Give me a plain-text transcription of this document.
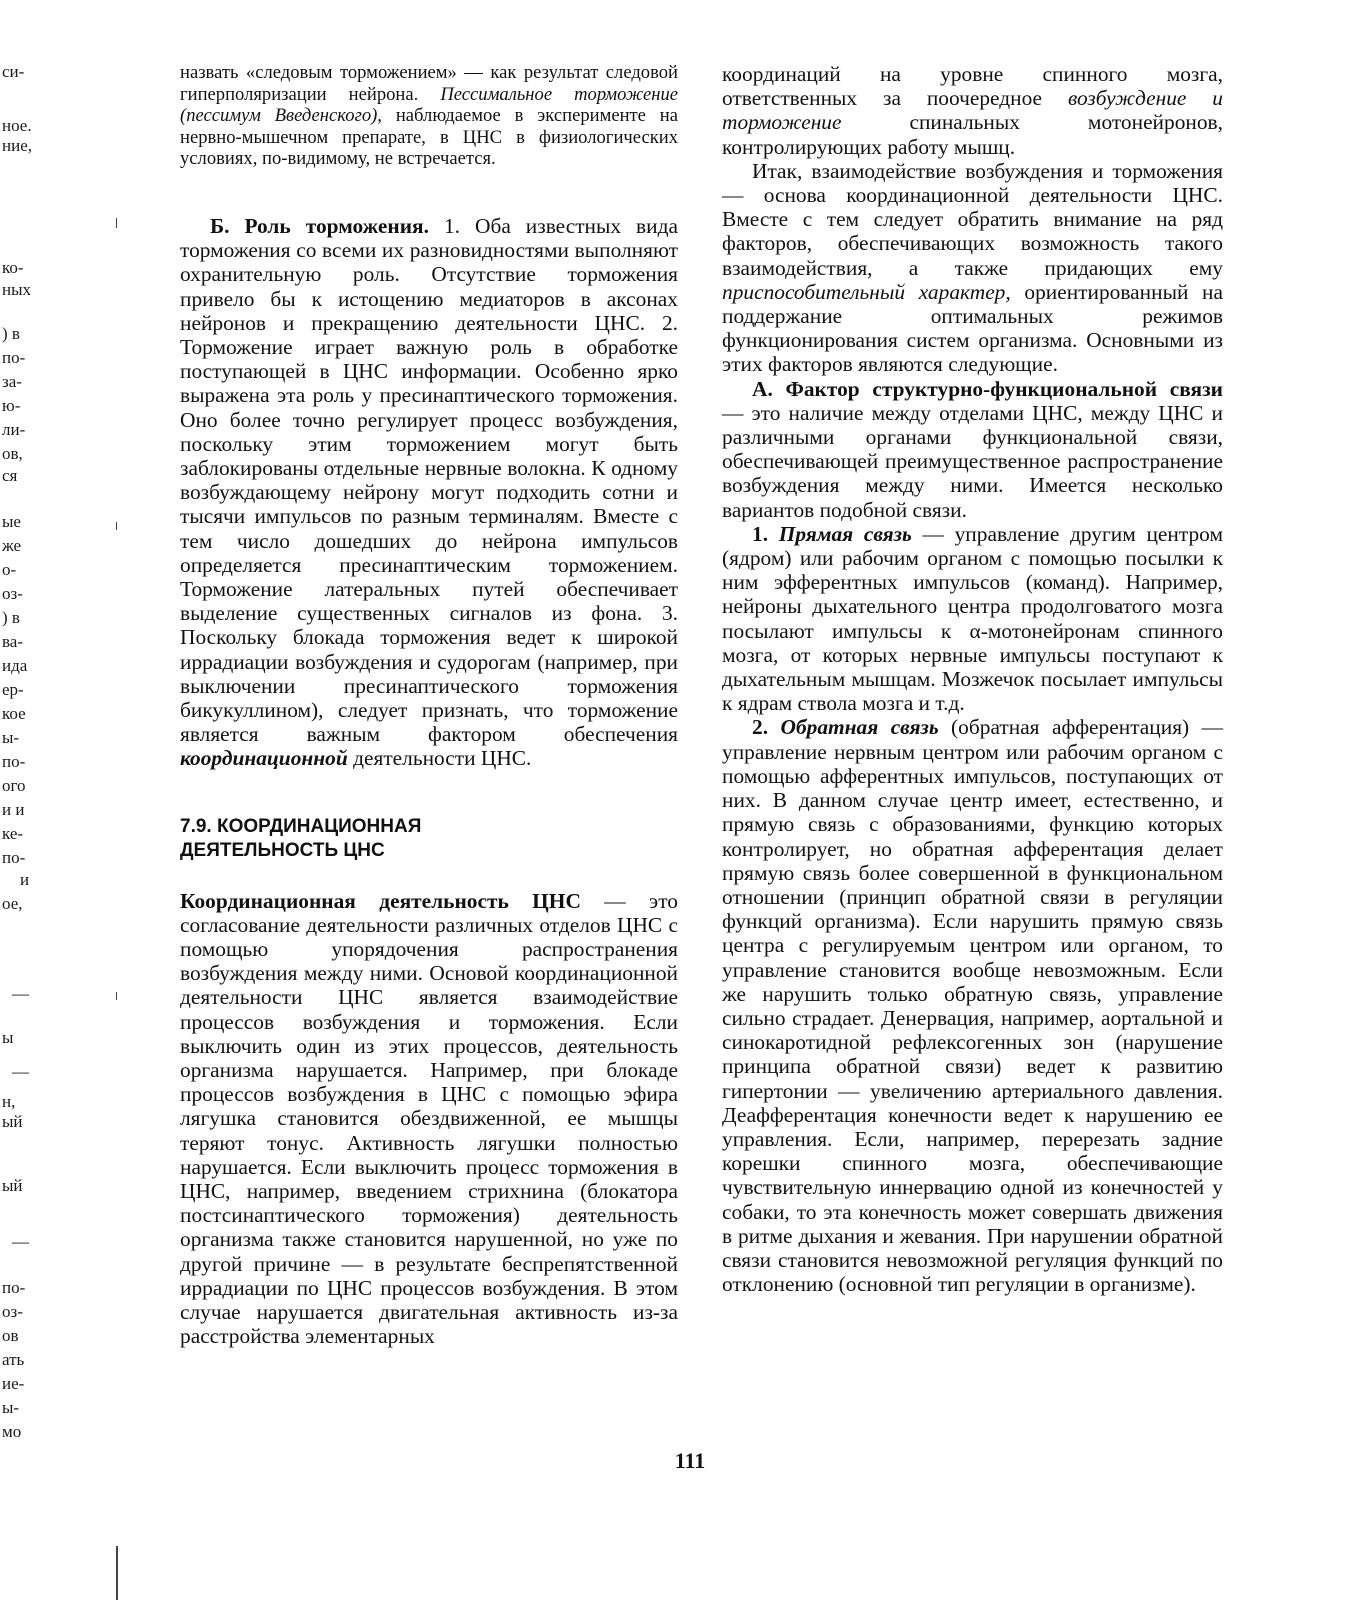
си-
ное.
ние,
ко-
ных
) в
по-
за-
ю-
ли-
ов,
ся
ые
же
о-
оз-
) в
ва-
ида
ер-
кое
ы-
по-
ого
и и
ке-
по-
и
ое,
—
ы
—
н,
ый
ый
—
по-
оз-
ов
ать
ие-
ы-
мо

назвать «следовым торможением» — как результат следовой гиперполяризации нейрона. Пессимальное торможение (пессимум Введенского), наблюдаемое в эксперименте на нервно-мышечном препарате, в ЦНС в физиологических условиях, по-видимому, не встречается.

Б. Роль торможения. 1. Оба известных вида торможения со всеми их разновидностями выполняют охранительную роль. Отсутствие торможения привело бы к истощению медиаторов в аксонах нейронов и прекращению деятельности ЦНС. 2. Торможение играет важную роль в обработке поступающей в ЦНС информации. Особенно ярко выражена эта роль у пресинаптического торможения. Оно более точно регулирует процесс возбуждения, поскольку этим торможением могут быть заблокированы отдельные нервные волокна. К одному возбуждающему нейрону могут подходить сотни и тысячи импульсов по разным терминалям. Вместе с тем число дошедших до нейрона импульсов определяется пресинаптическим торможением. Торможение латеральных путей обеспечивает выделение существенных сигналов из фона. 3. Поскольку блокада торможения ведет к широкой иррадиации возбуждения и судорогам (например, при выключении пресинаптического торможения бикукуллином), следует признать, что торможение является важным фактором обеспечения координационной деятельности ЦНС.

7.9. КООРДИНАЦИОННАЯ
ДЕЯТЕЛЬНОСТЬ ЦНС

Координационная деятельность ЦНС — это согласование деятельности различных отделов ЦНС с помощью упорядочения распространения возбуждения между ними. Основой координационной деятельности ЦНС является взаимодействие процессов возбуждения и торможения. Если выключить один из этих процессов, деятельность организма нарушается. Например, при блокаде процессов возбуждения в ЦНС с помощью эфира лягушка становится обездвиженной, ее мышцы теряют тонус. Активность лягушки полностью нарушается. Если выключить процесс торможения в ЦНС, например, введением стрихнина (блокатора постсинаптического торможения) деятельность организма также становится нарушенной, но уже по другой причине — в результате беспрепятственной иррадиации по ЦНС процессов возбуждения. В этом случае нарушается двигательная активность из-за расстройства элементарных

координаций на уровне спинного мозга, ответственных за поочередное возбуждение и торможение спинальных мотонейронов, контролирующих работу мышц.

Итак, взаимодействие возбуждения и торможения — основа координационной деятельности ЦНС. Вместе с тем следует обратить внимание на ряд факторов, обеспечивающих возможность такого взаимодействия, а также придающих ему приспособительный характер, ориентированный на поддержание оптимальных режимов функционирования систем организма. Основными из этих факторов являются следующие.

А. Фактор структурно-функциональной связи — это наличие между отделами ЦНС, между ЦНС и различными органами функциональной связи, обеспечивающей преимущественное распространение возбуждения между ними. Имеется несколько вариантов подобной связи.

1. Прямая связь — управление другим центром (ядром) или рабочим органом с помощью посылки к ним эфферентных импульсов (команд). Например, нейроны дыхательного центра продолговатого мозга посылают импульсы к α-мотонейронам спинного мозга, от которых нервные импульсы поступают к дыхательным мышцам. Мозжечок посылает импульсы к ядрам ствола мозга и т.д.

2. Обратная связь (обратная афферентация) — управление нервным центром или рабочим органом с помощью афферентных импульсов, поступающих от них. В данном случае центр имеет, естественно, и прямую связь с образованиями, функцию которых контролирует, но обратная афферентация делает прямую связь более совершенной в функциональном отношении (принцип обратной связи в регуляции функций организма). Если нарушить прямую связь центра с регулируемым центром или органом, то управление становится вообще невозможным. Если же нарушить только обратную связь, управление сильно страдает. Денервация, например, аортальной и синокаротидной рефлексогенных зон (нарушение принципа обратной связи) ведет к развитию гипертонии — увеличению артериального давления. Деафферентация конечности ведет к нарушению ее управления. Если, например, перерезать задние корешки спинного мозга, обеспечивающие чувствительную иннервацию одной из конечностей у собаки, то эта конечность может совершать движения в ритме дыхания и жевания. При нарушении обратной связи становится невозможной регуляция функций по отклонению (основной тип регуляции в организме).

111
